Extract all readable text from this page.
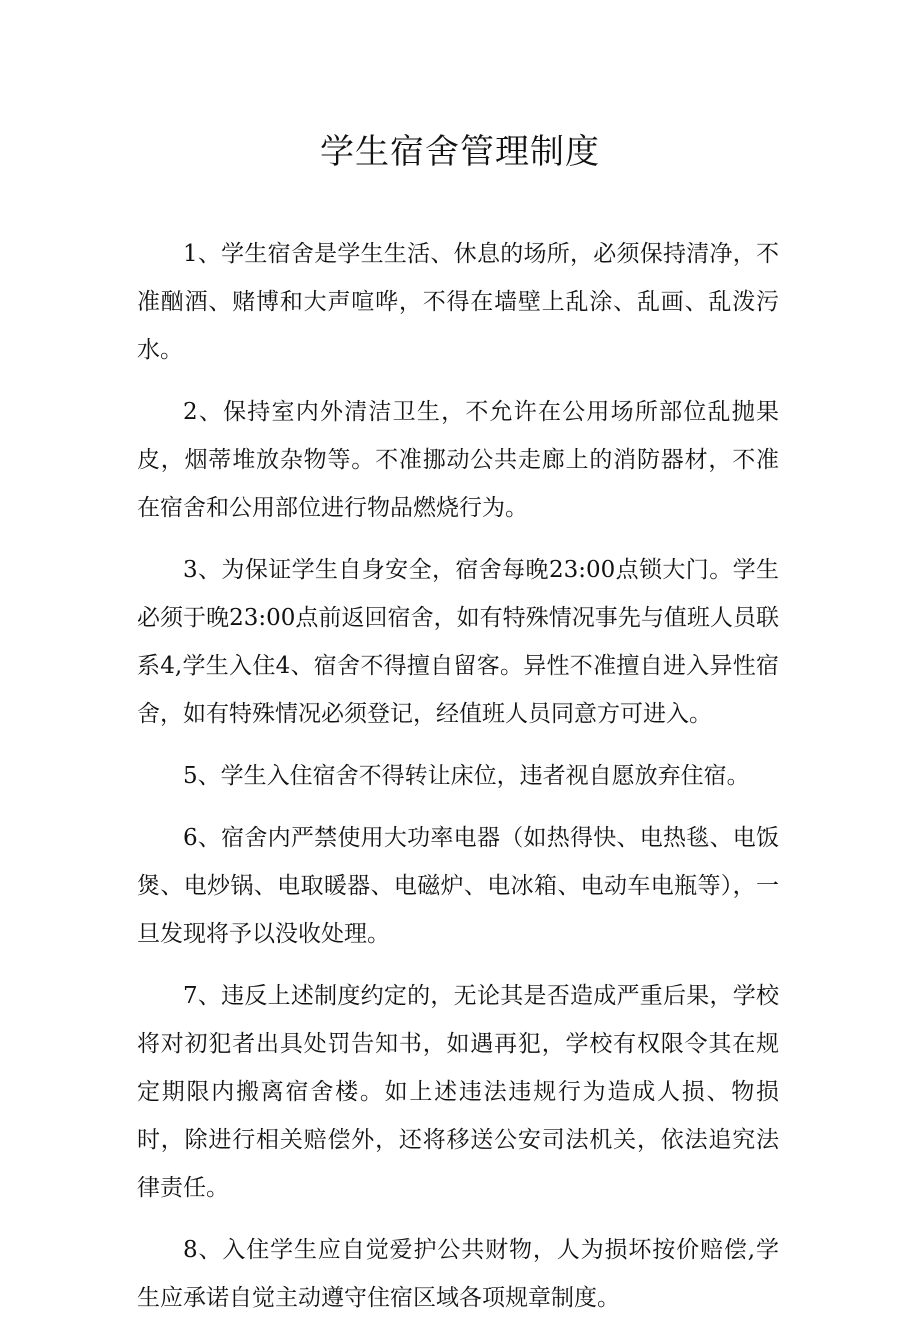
学生宿舍管理制度

1、学生宿舍是学生生活、休息的场所，必须保持清净，不准酗酒、赌博和大声喧哗，不得在墙壁上乱涂、乱画、乱泼污水。

2、保持室内外清洁卫生，不允许在公用场所部位乱抛果皮，烟蒂堆放杂物等。不准挪动公共走廊上的消防器材，不准在宿舍和公用部位进行物品燃烧行为。

3、为保证学生自身安全，宿舍每晚23:00点锁大门。学生必须于晚23:00点前返回宿舍，如有特殊情况事先与值班人员联系4,学生入住4、宿舍不得擅自留客。异性不准擅自进入异性宿舍，如有特殊情况必须登记，经值班人员同意方可进入。

5、学生入住宿舍不得转让床位，违者视自愿放弃住宿。

6、宿舍内严禁使用大功率电器（如热得快、电热毯、电饭煲、电炒锅、电取暖器、电磁炉、电冰箱、电动车电瓶等），一旦发现将予以没收处理。

7、违反上述制度约定的，无论其是否造成严重后果，学校将对初犯者出具处罚告知书，如遇再犯，学校有权限令其在规定期限内搬离宿舍楼。如上述违法违规行为造成人损、物损时，除进行相关赔偿外，还将移送公安司法机关，依法追究法律责任。

8、入住学生应自觉爱护公共财物，人为损坏按价赔偿,学生应承诺自觉主动遵守住宿区域各项规章制度。
